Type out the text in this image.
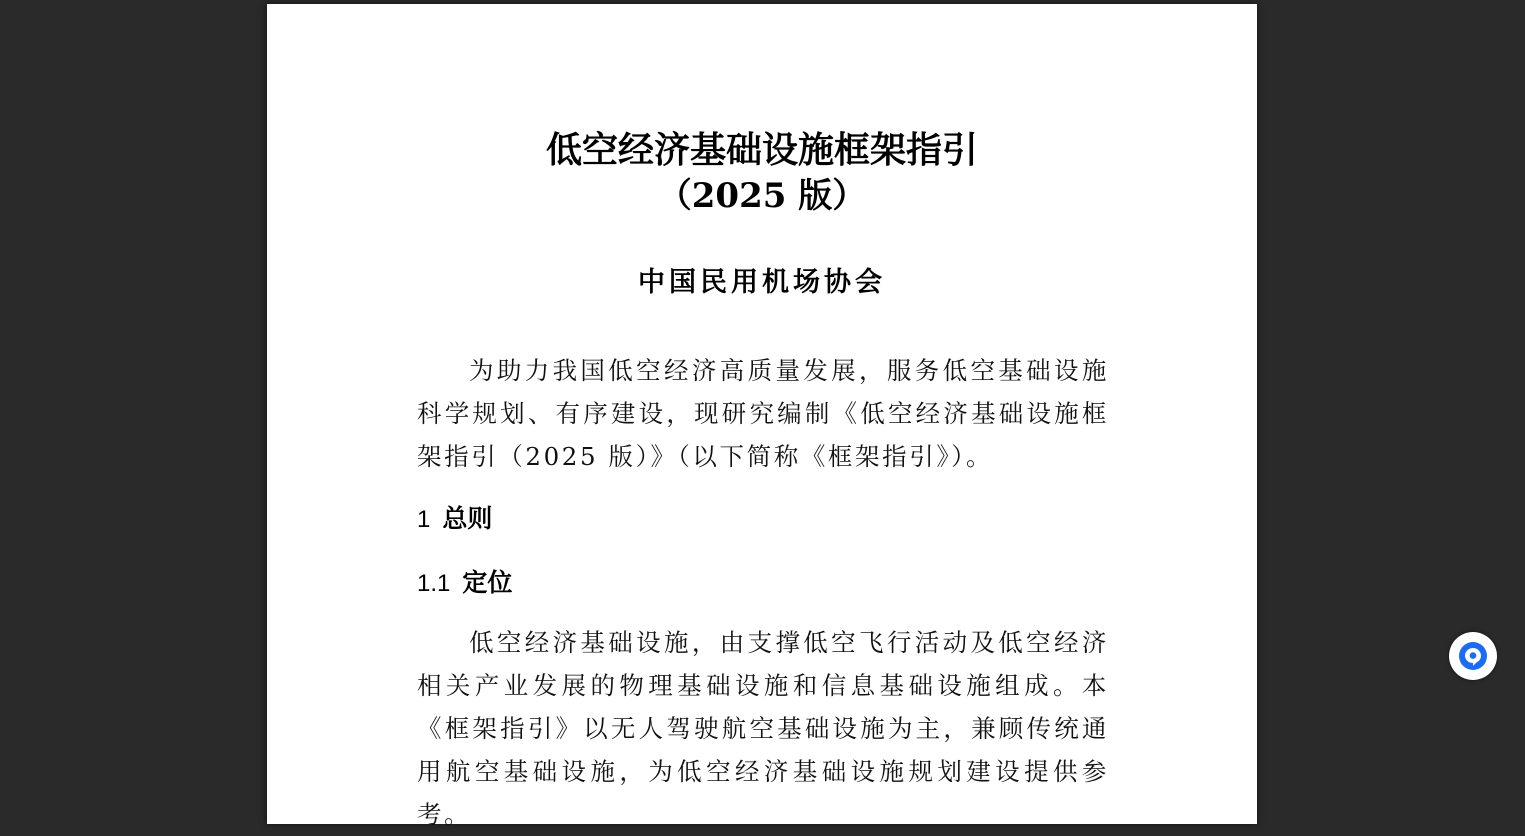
低空经济基础设施框架指引
（2025 版）
中国民用机场协会
为助力我国低空经济高质量发展，服务低空基础设施科学规划、有序建设，现研究编制《低空经济基础设施框架指引（2025 版）》（以下简称《框架指引》）。
1 总则
1.1 定位
低空经济基础设施，由支撑低空飞行活动及低空经济相关产业发展的物理基础设施和信息基础设施组成。本《框架指引》以无人驾驶航空基础设施为主，兼顾传统通用航空基础设施，为低空经济基础设施规划建设提供参考。
